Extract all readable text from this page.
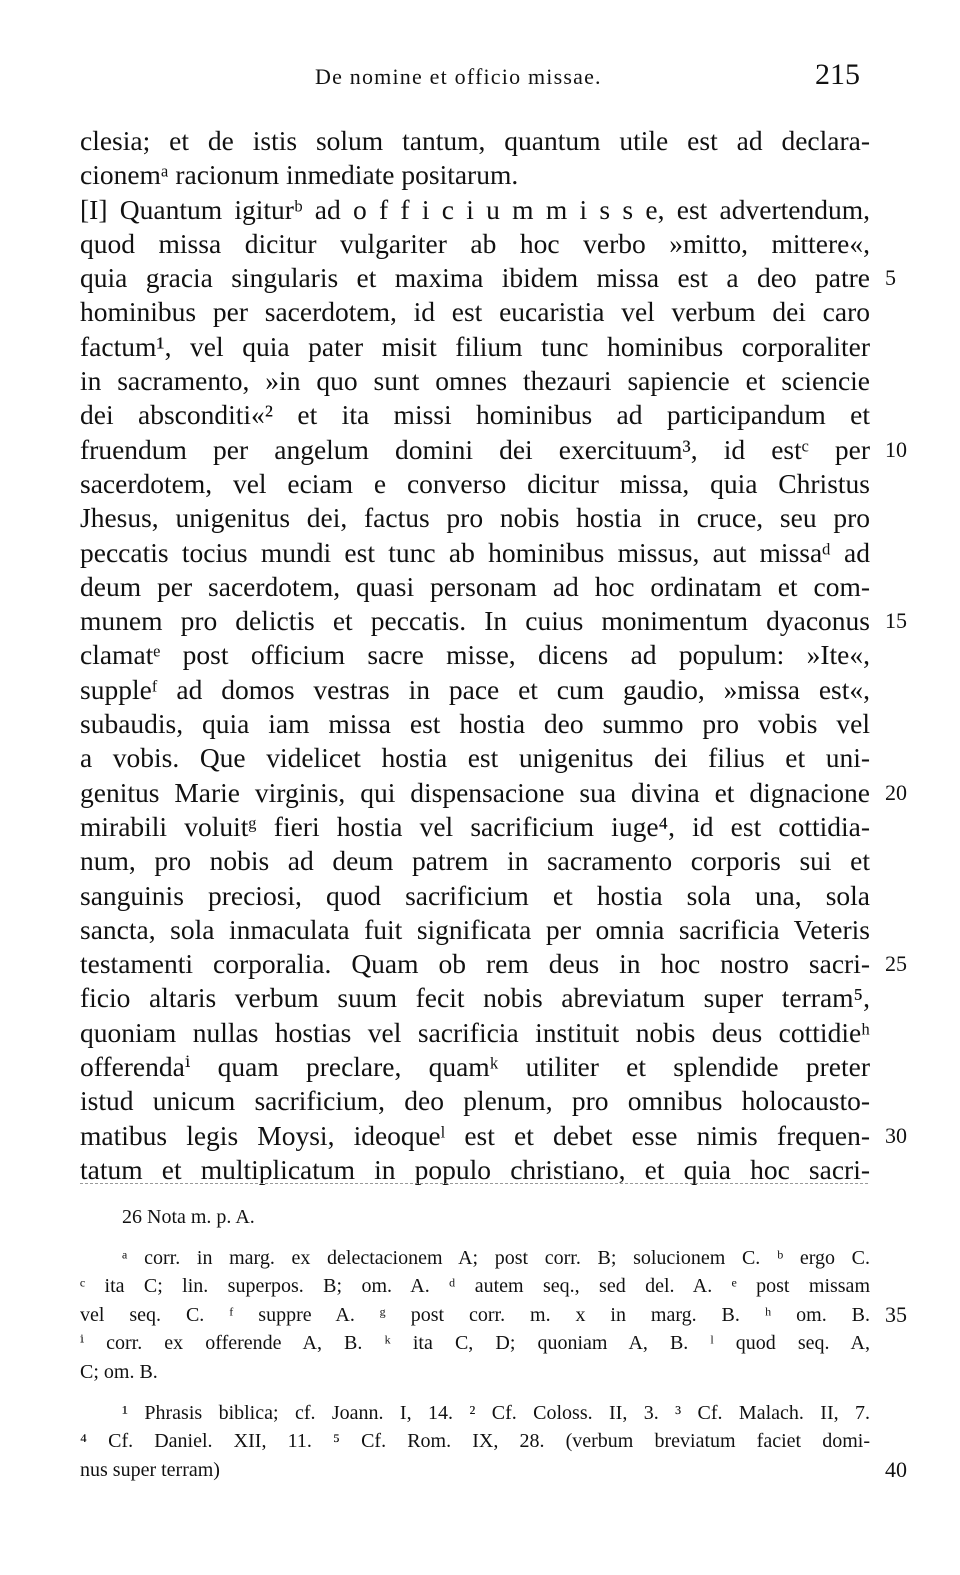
De nomine et officio missae.	215
clesia; et de istis solum tantum, quantum utile est ad declara-
cionemᵃ racionum inmediate positarum.
[I] Quantum igiturᵇ ad o f f i c i u m m i s s e, est advertendum,
quod missa dicitur vulgariter ab hoc verbo »mitto, mittere«,
quia gracia singularis et maxima ibidem missa est a deo patre 5
hominibus per sacerdotem, id est eucaristia vel verbum dei caro
factum¹, vel quia pater misit filium tunc hominibus corporaliter
in sacramento, »in quo sunt omnes thezauri sapiencie et sciencie
dei absconditi«² et ita missi hominibus ad participandum et
fruendum per angelum domini dei exercituum³, id estᶜ per 10
sacerdotem, vel eciam e converso dicitur missa, quia Christus
Jhesus, unigenitus dei, factus pro nobis hostia in cruce, seu pro
peccatis tocius mundi est tunc ab hominibus missus, aut missaᵈ ad
deum per sacerdotem, quasi personam ad hoc ordinatam et com-
munem pro delictis et peccatis. In cuius monimentum dyaconus 15
clamatᵉ post officium sacre misse, dicens ad populum: »Ite«,
suppleᶠ ad domos vestras in pace et cum gaudio, »missa est«,
subaudis, quia iam missa est hostia deo summo pro vobis vel
a vobis. Que videlicet hostia est unigenitus dei filius et uni-
genitus Marie virginis, qui dispensacione sua divina et dignacione 20
mirabili voluitᵍ fieri hostia vel sacrificium iuge⁴, id est cottidia-
num, pro nobis ad deum patrem in sacramento corporis sui et
sanguinis preciosi, quod sacrificium et hostia sola una, sola
sancta, sola inmaculata fuit significata per omnia sacrificia Veteris
testamenti corporalia. Quam ob rem deus in hoc nostro sacri- 25
ficio altaris verbum suum fecit nobis abreviatum super terram⁵,
quoniam nullas hostias vel sacrificia instituit nobis deus cottidieʰ
offerendaⁱ quam preclare, quamᵏ utiliter et splendide preter
istud unicum sacrificium, deo plenum, pro omnibus holocausto-
matibus legis Moysi, ideoqueˡ est et debet esse nimis frequen- 30
tatum et multiplicatum in populo christiano, et quia hoc sacri-
26 Nota m. p. A.
ᵃ corr. in marg. ex delectacionem A; post corr. B; solucionem C. ᵇ ergo C.
ᶜ ita C; lin. superpos. B; om. A. ᵈ autem seq., sed del. A. ᵉ post missam
vel seq. C. ᶠ suppre A. ᵍ post corr. m. x in marg. B. ʰ om. B. 35
ⁱ corr. ex offerende A, B. ᵏ ita C, D; quoniam A, B. ˡ quod seq. A,
C; om. B.
¹ Phrasis biblica; cf. Joann. I, 14. ² Cf. Coloss. II, 3. ³ Cf. Malach. II, 7.
⁴ Cf. Daniel. XII, 11. ⁵ Cf. Rom. IX, 28. (verbum breviatum faciet domi-
nus super terram)	40
